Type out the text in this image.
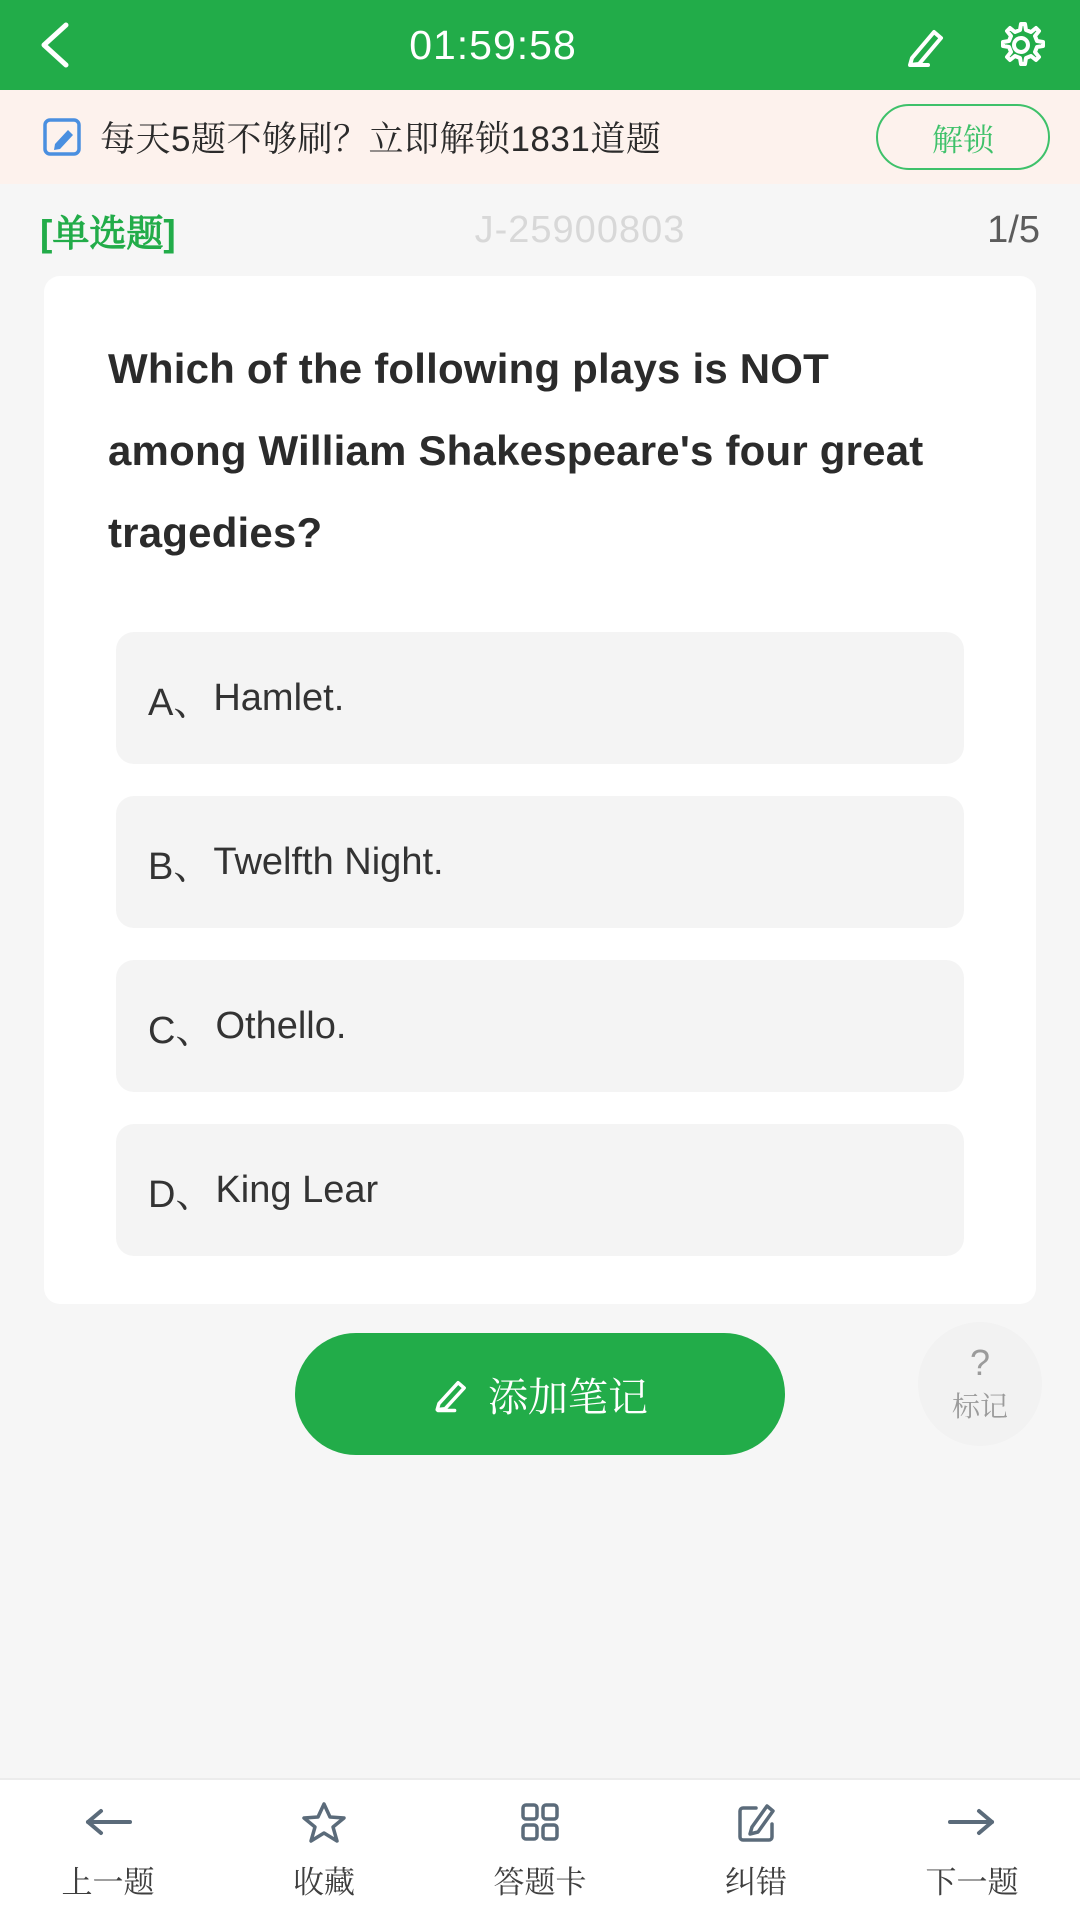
01:59:58
每天5题不够刷？立即解锁1831道题	解锁
[单选题]	J-25900803	1/5
Which of the following plays is NOT among William Shakespeare's four great tragedies?
A、 Hamlet.
B、 Twelfth Night.
C、 Othello.
D、 King Lear
添加笔记
?
标记
上一题	收藏	答题卡	纠错	下一题
